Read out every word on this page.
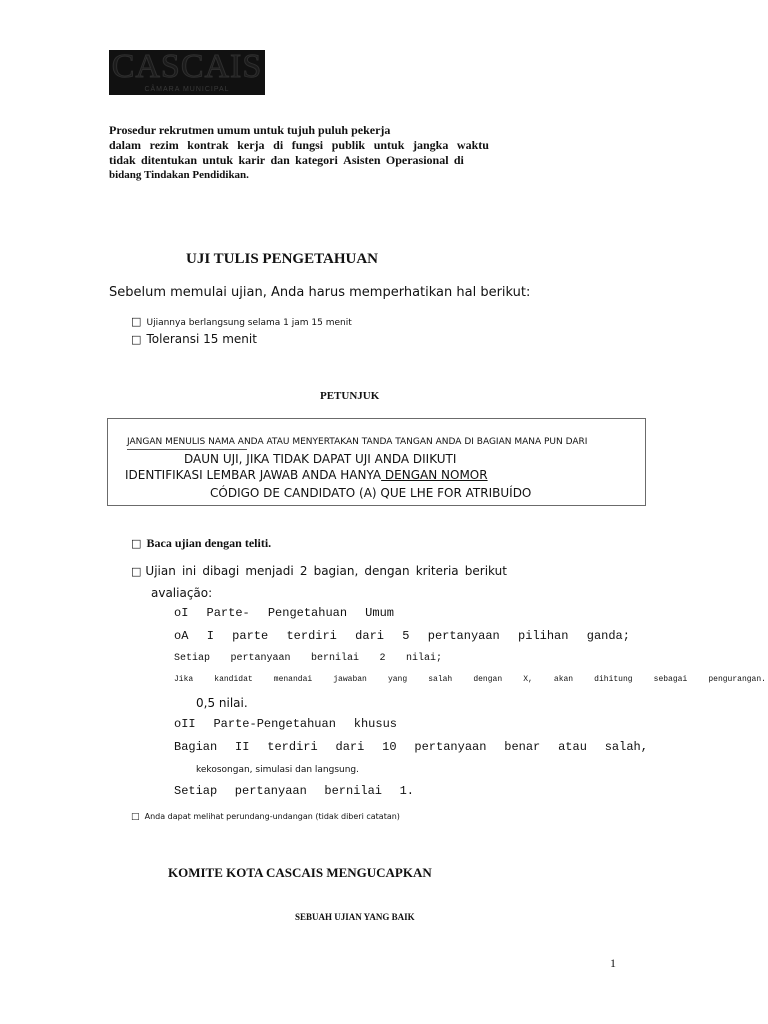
CASCAIS
CÂMARA MUNICIPAL
Prosedur rekrutmen umum untuk tujuh puluh pekerja
dalam rezim kontrak kerja di fungsi publik untuk jangka waktu
tidak ditentukan untuk karir dan kategori Asisten Operasional di
bidang Tindakan Pendidikan.
UJI TULIS PENGETAHUAN
Sebelum memulai ujian, Anda harus memperhatikan hal berikut:
□ Ujiannya berlangsung selama 1 jam 15 menit
□ Toleransi 15 menit
PETUNJUK
JANGAN MENULIS NAMA ANDA ATAU MENYERTAKAN TANDA TANGAN ANDA DI BAGIAN MANA PUN DARI
DAUN UJI, JIKA TIDAK DAPAT UJI ANDA DIIKUTI
IDENTIFIKASI LEMBAR JAWAB ANDA HANYA DENGAN NOMOR
CÓDIGO DE CANDIDATO (A) QUE LHE FOR ATRIBUÍDO
□ Baca ujian dengan teliti.
□ Ujian ini dibagi menjadi 2 bagian, dengan kriteria berikut
avaliação:
oI Parte- Pengetahuan Umum
oA I parte terdiri dari 5 pertanyaan pilihan ganda;
Setiap pertanyaan bernilai 2 nilai;
Jika	kandidat	menandai	jawaban	yang	salah	dengan	X,	akan	dihitung	sebagai	pengurangan.
0,5 nilai.
oII Parte-Pengetahuan khusus
Bagian II terdiri dari 10 pertanyaan benar atau salah,
kekosongan, simulasi dan langsung.
Setiap pertanyaan bernilai 1.
□ Anda dapat melihat perundang-undangan (tidak diberi catatan)
KOMITE KOTA CASCAIS MENGUCAPKAN
SEBUAH UJIAN YANG BAIK
1
